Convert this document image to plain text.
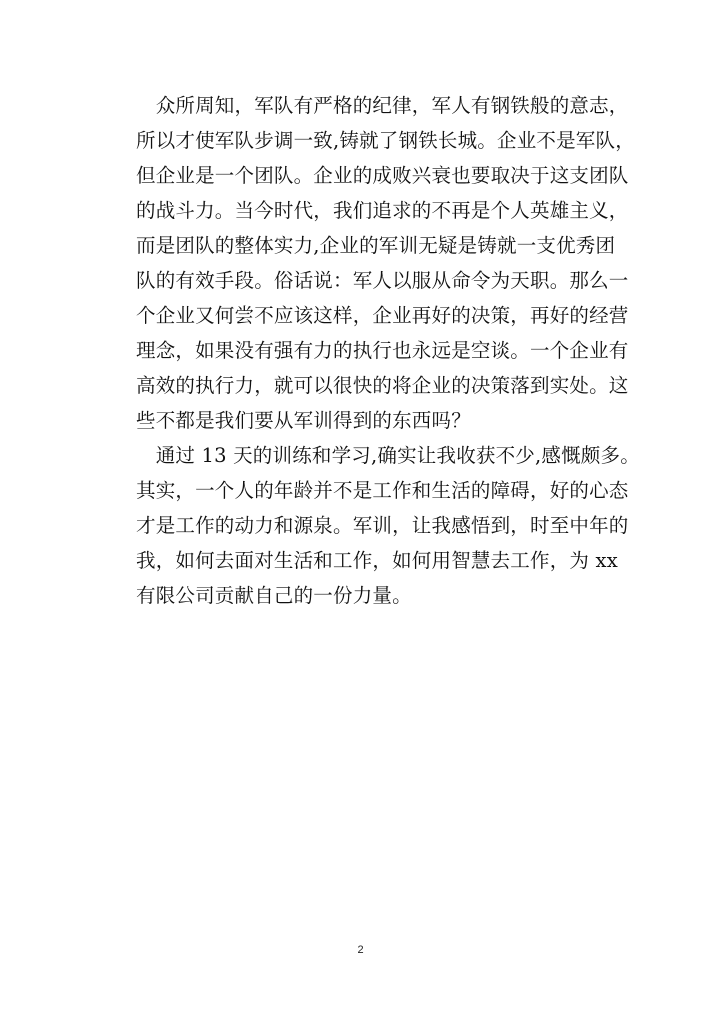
　众所周知，军队有严格的纪律，军人有钢铁般的意志，
所以才使军队步调一致,铸就了钢铁长城。企业不是军队，
但企业是一个团队。企业的成败兴衰也要取决于这支团队
的战斗力。当今时代，我们追求的不再是个人英雄主义，
而是团队的整体实力,企业的军训无疑是铸就一支优秀团
队的有效手段。俗话说：军人以服从命令为天职。那么一
个企业又何尝不应该这样，企业再好的决策，再好的经营
理念，如果没有强有力的执行也永远是空谈。一个企业有
高效的执行力，就可以很快的将企业的决策落到实处。这
些不都是我们要从军训得到的东西吗？
　通过 13 天的训练和学习,确实让我收获不少,感慨颇多。
其实，一个人的年龄并不是工作和生活的障碍，好的心态
才是工作的动力和源泉。军训，让我感悟到，时至中年的
我，如何去面对生活和工作，如何用智慧去工作，为 xx
有限公司贡献自己的一份力量。
2
